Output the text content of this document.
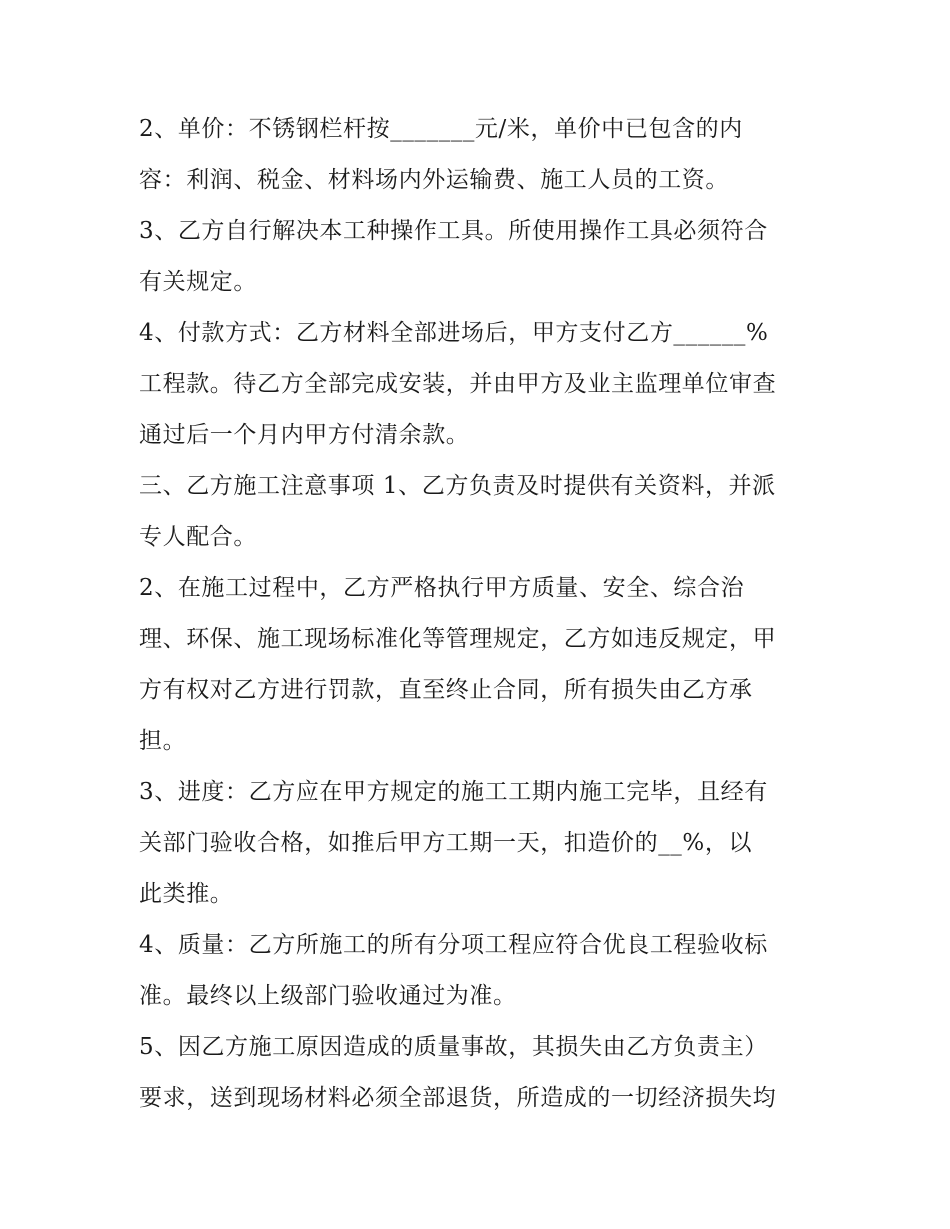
2、单价：不锈钢栏杆按_______元/米，单价中已包含的内
容：利润、税金、材料场内外运输费、施工人员的工资。
3、乙方自行解决本工种操作工具。所使用操作工具必须符合
有关规定。
4、付款方式：乙方材料全部进场后，甲方支付乙方______%
工程款。待乙方全部完成安装，并由甲方及业主监理单位审查
通过后一个月内甲方付清余款。
三、乙方施工注意事项 1、乙方负责及时提供有关资料，并派
专人配合。
2、在施工过程中，乙方严格执行甲方质量、安全、综合治
理、环保、施工现场标准化等管理规定，乙方如违反规定，甲
方有权对乙方进行罚款，直至终止合同，所有损失由乙方承
担。
3、进度：乙方应在甲方规定的施工工期内施工完毕，且经有
关部门验收合格，如推后甲方工期一天，扣造价的__%，以
此类推。
4、质量：乙方所施工的所有分项工程应符合优良工程验收标
准。最终以上级部门验收通过为准。
5、因乙方施工原因造成的质量事故，其损失由乙方负责主）
要求，送到现场材料必须全部退货，所造成的一切经济损失均
